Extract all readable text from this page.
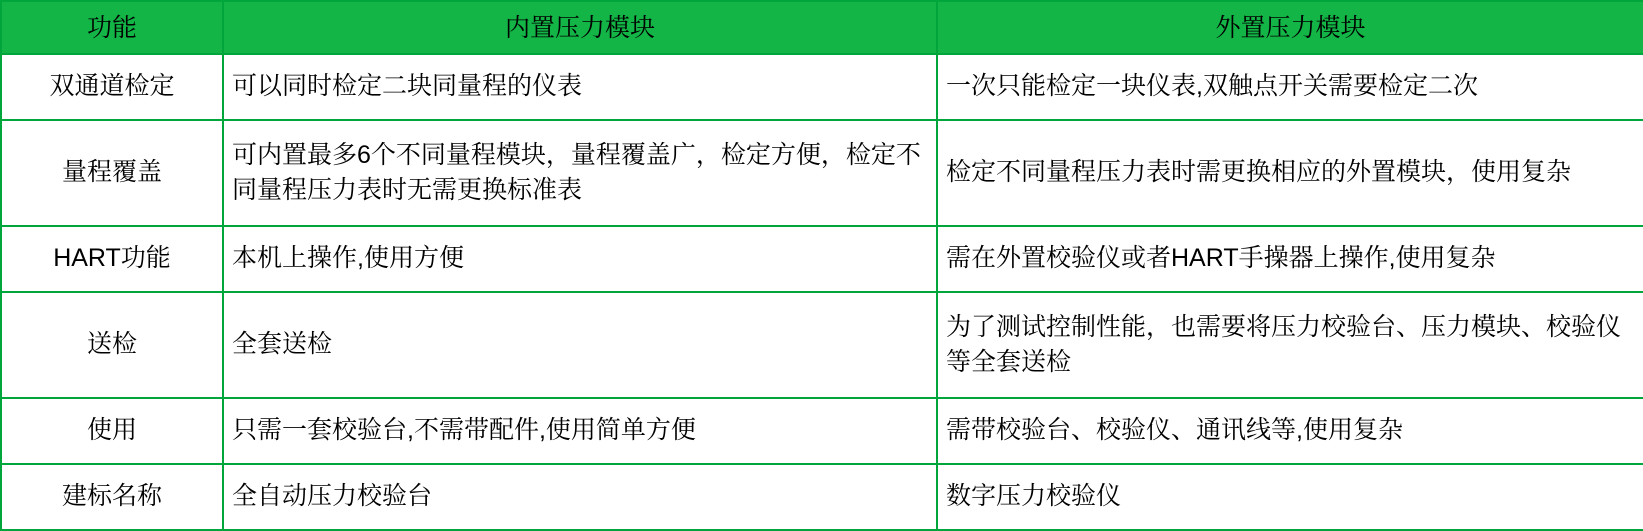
功能	内置压力模块	外置压力模块
双通道检定	可以同时检定二块同量程的仪表	一次只能检定一块仪表,双触点开关需要检定二次
量程覆盖	可内置最多6个不同量程模块，量程覆盖广，检定方便，检定不同量程压力表时无需更换标准表	检定不同量程压力表时需更换相应的外置模块，使用复杂
HART功能	本机上操作,使用方便	需在外置校验仪或者HART手操器上操作,使用复杂
送检	全套送检	为了测试控制性能，也需要将压力校验台、压力模块、校验仪等全套送检
使用	只需一套校验台,不需带配件,使用简单方便	需带校验台、校验仪、通讯线等,使用复杂
建标名称	全自动压力校验台	数字压力校验仪
